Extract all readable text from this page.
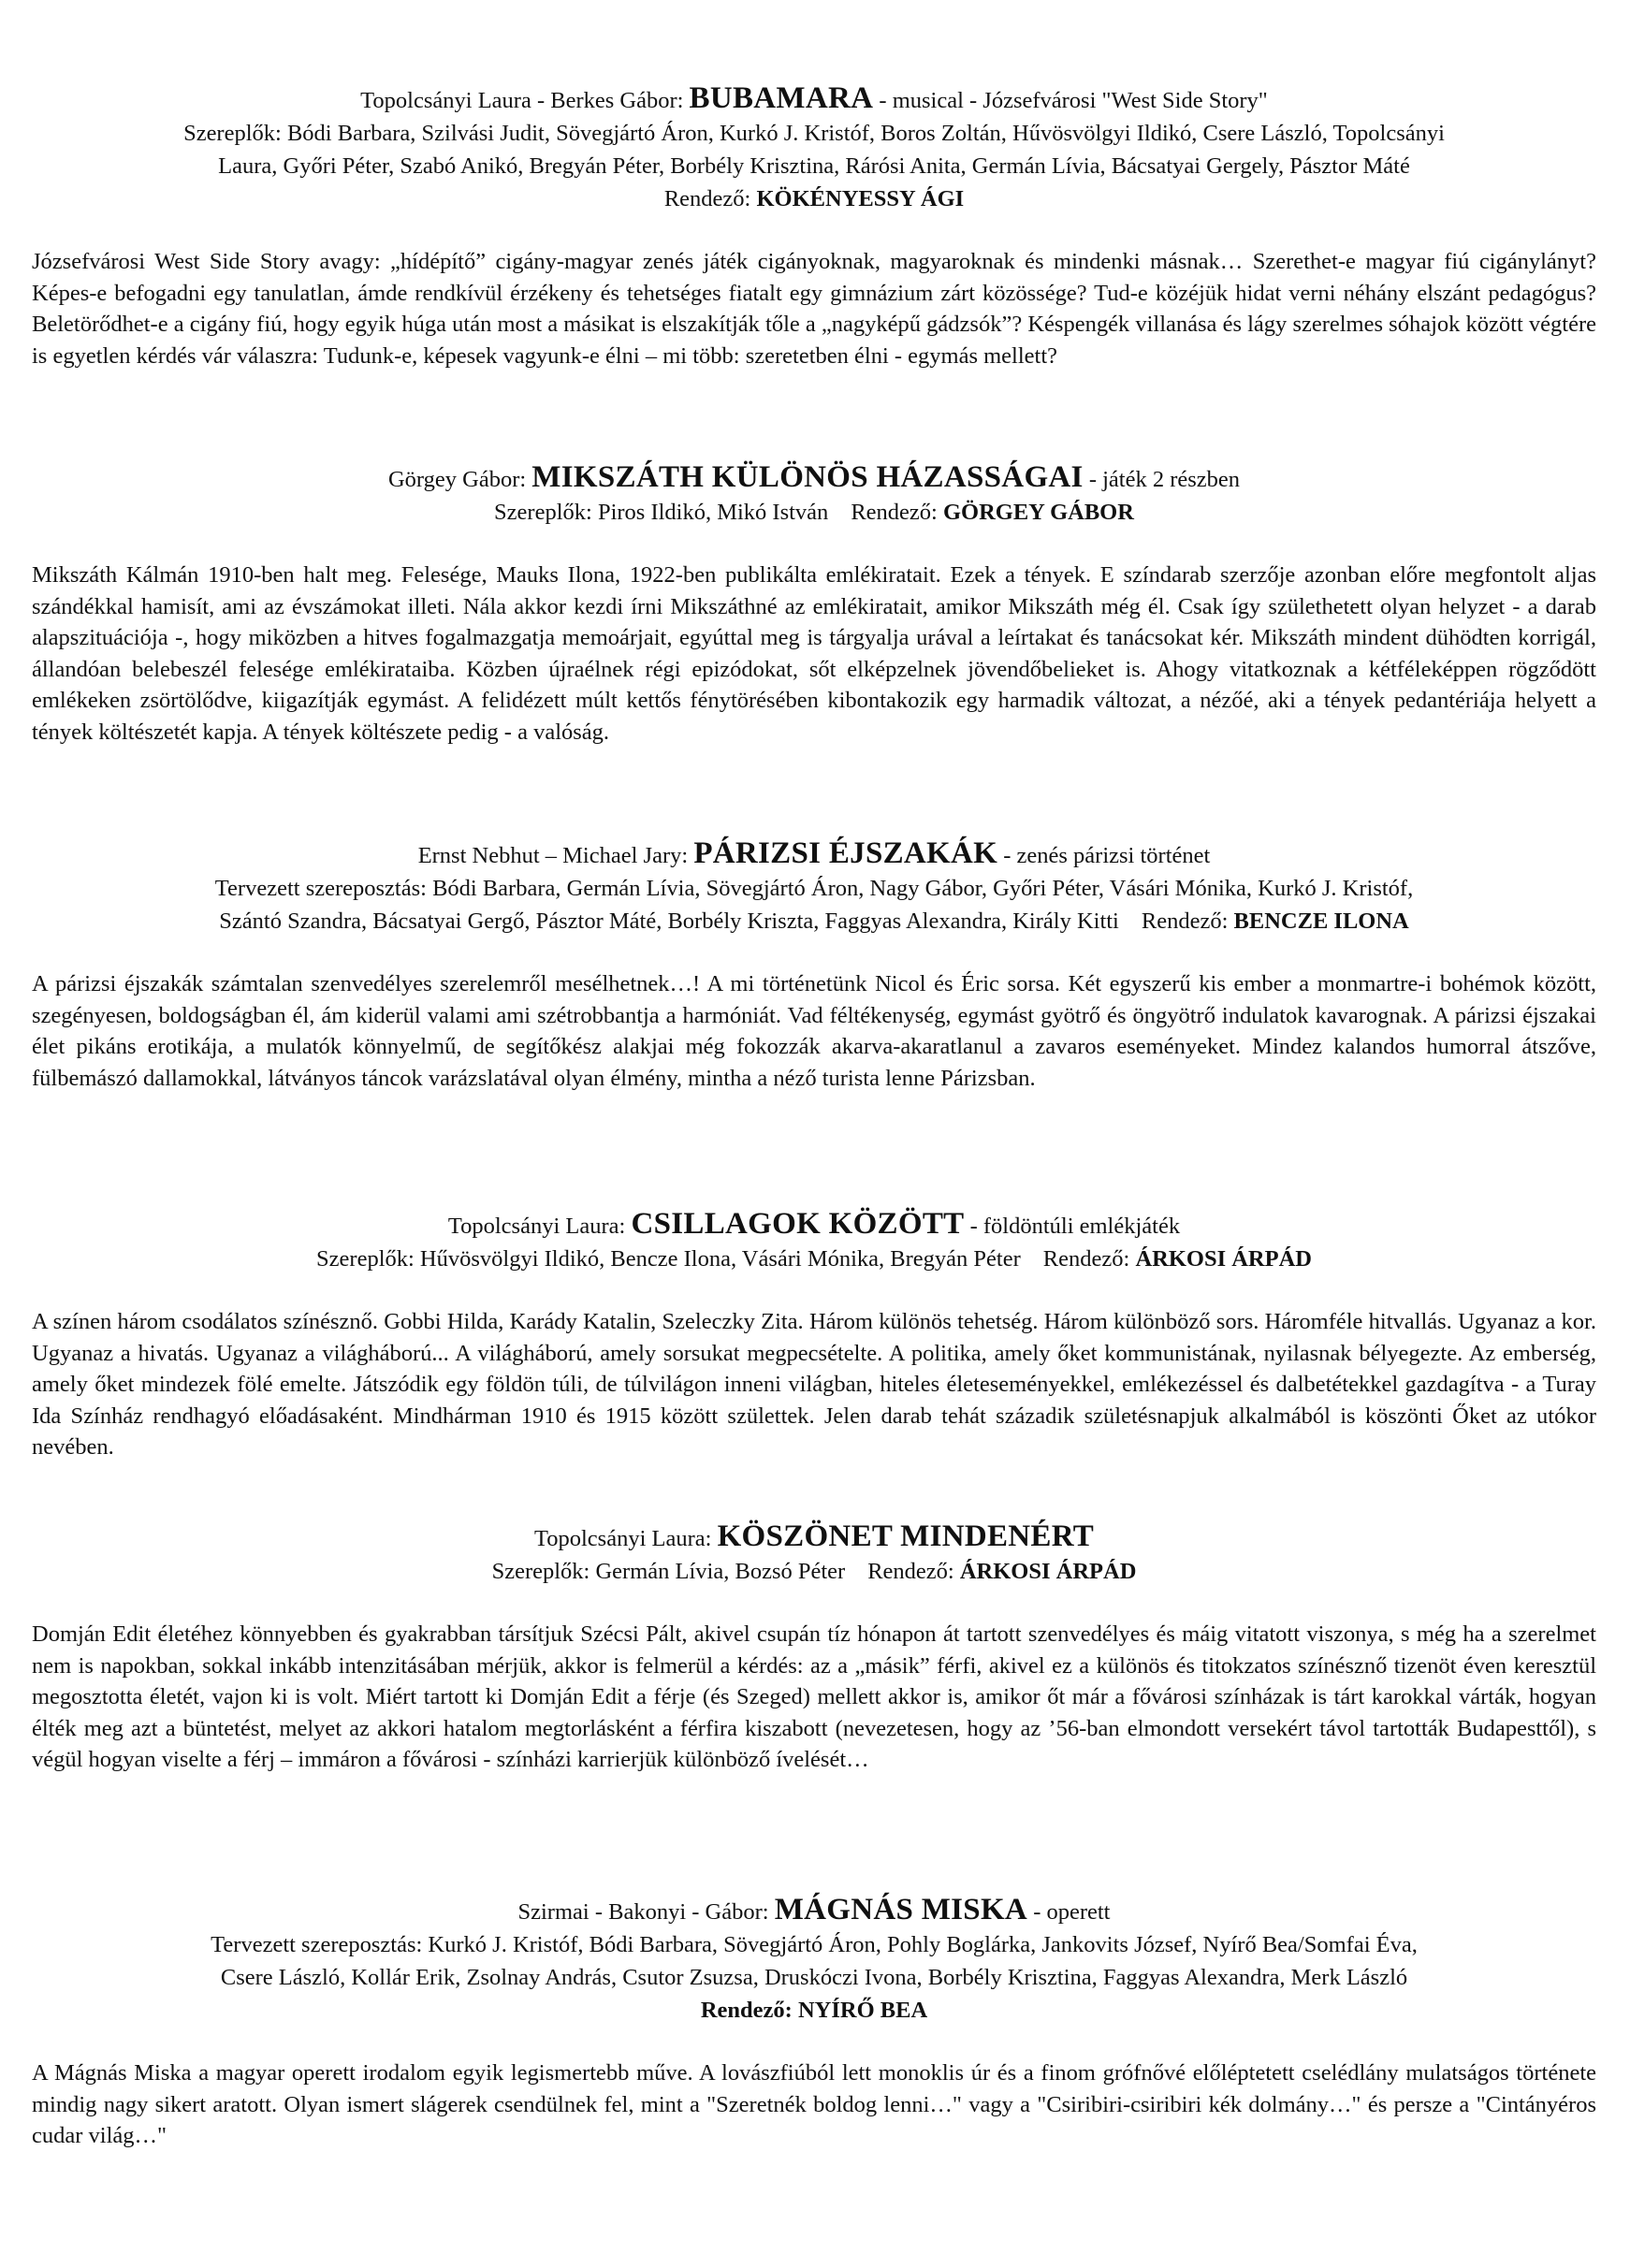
Topolcsányi Laura - Berkes Gábor: BUBAMARA - musical - Józsefvárosi "West Side Story"
Szereplők: Bódi Barbara, Szilvási Judit, Sövegjártó Áron, Kurkó J. Kristóf, Boros Zoltán, Hűvösvölgyi Ildikó, Csere László, Topolcsányi
Laura, Győri Péter, Szabó Anikó, Bregyán Péter, Borbély Krisztina, Rárósi Anita, Germán Lívia, Bácsatyai Gergely, Pásztor Máté
Rendező: KÖKÉNYESSY ÁGI

Józsefvárosi West Side Story avagy: „hídépítő” cigány-magyar zenés játék cigányoknak, magyaroknak és mindenki másnak… Szerethet-e magyar fiú cigánylányt? Képes-e befogadni egy tanulatlan, ámde rendkívül érzékeny és tehetséges fiatalt egy gimnázium zárt közössége? Tud-e közéjük hidat verni néhány elszánt pedagógus? Beletörődhet-e a cigány fiú, hogy egyik húga után most a másikat is elszakítják tőle a „nagyképű gádzsók”? Késpengék villanása és lágy szerelmes sóhajok között végtére is egyetlen kérdés vár válaszra: Tudunk-e, képesek vagyunk-e élni – mi több: szeretetben élni - egymás mellett?

Görgey Gábor: MIKSZÁTH KÜLÖNÖS HÁZASSÁGAI - játék 2 részben
Szereplők: Piros Ildikó, Mikó István Rendező: GÖRGEY GÁBOR

Mikszáth Kálmán 1910-ben halt meg. Felesége, Mauks Ilona, 1922-ben publikálta emlékiratait. Ezek a tények. E színdarab szerzője azonban előre megfontolt aljas szándékkal hamisít, ami az évszámokat illeti. Nála akkor kezdi írni Mikszáthné az emlékiratait, amikor Mikszáth még él. Csak így születhetett olyan helyzet - a darab alapszituációja -, hogy miközben a hitves fogalmazgatja memoárjait, egyúttal meg is tárgyalja urával a leírtakat és tanácsokat kér. Mikszáth mindent dühödten korrigál, állandóan belebeszél felesége emlékirataiba. Közben újraélnek régi epizódokat, sőt elképzelnek jövendőbelieket is. Ahogy vitatkoznak a kétféleképpen rögződött emlékeken zsörtölődve, kiigazítják egymást. A felidézett múlt kettős fénytörésében kibontakozik egy harmadik változat, a nézőé, aki a tények pedantériája helyett a tények költészetét kapja. A tények költészete pedig - a valóság.

Ernst Nebhut – Michael Jary: PÁRIZSI ÉJSZAKÁK - zenés párizsi történet
Tervezett szereposztás: Bódi Barbara, Germán Lívia, Sövegjártó Áron, Nagy Gábor, Győri Péter, Vásári Mónika, Kurkó J. Kristóf,
Szántó Szandra, Bácsatyai Gergő, Pásztor Máté, Borbély Kriszta, Faggyas Alexandra, Király Kitti Rendező: BENCZE ILONA

A párizsi éjszakák számtalan szenvedélyes szerelemről mesélhetnek…! A mi történetünk Nicol és Éric sorsa. Két egyszerű kis ember a monmartre-i bohémok között, szegényesen, boldogságban él, ám kiderül valami ami szétrobbantja a harmóniát. Vad féltékenység, egymást gyötrő és öngyötrő indulatok kavarognak. A párizsi éjszakai élet pikáns erotikája, a mulatók könnyelmű, de segítőkész alakjai még fokozzák akarva-akaratlanul a zavaros eseményeket. Mindez kalandos humorral átszőve, fülbemászó dallamokkal, látványos táncok varázslatával olyan élmény, mintha a néző turista lenne Párizsban.

Topolcsányi Laura: CSILLAGOK KÖZÖTT - földöntúli emlékjáték
Szereplők: Hűvösvölgyi Ildikó, Bencze Ilona, Vásári Mónika, Bregyán Péter Rendező: ÁRKOSI ÁRPÁD

A színen három csodálatos színésznő. Gobbi Hilda, Karády Katalin, Szeleczky Zita. Három különös tehetség. Három különböző sors. Háromféle hitvallás. Ugyanaz a kor. Ugyanaz a hivatás. Ugyanaz a világháború... A világháború, amely sorsukat megpecsételte. A politika, amely őket kommunistának, nyilasnak bélyegezte. Az emberség, amely őket mindezek fölé emelte. Játszódik egy földön túli, de túlvilágon inneni világban, hiteles életeseményekkel, emlékezéssel és dalbetétekkel gazdagítva - a Turay Ida Színház rendhagyó előadásaként. Mindhárman 1910 és 1915 között születtek. Jelen darab tehát századik születésnapjuk alkalmából is köszönti Őket az utókor nevében.

Topolcsányi Laura: KÖSZÖNET MINDENÉRT
Szereplők: Germán Lívia, Bozsó Péter Rendező: ÁRKOSI ÁRPÁD

Domján Edit életéhez könnyebben és gyakrabban társítjuk Szécsi Pált, akivel csupán tíz hónapon át tartott szenvedélyes és máig vitatott viszonya, s még ha a szerelmet nem is napokban, sokkal inkább intenzitásában mérjük, akkor is felmerül a kérdés: az a „másik” férfi, akivel ez a különös és titokzatos színésznő tizenöt éven keresztül megosztotta életét, vajon ki is volt. Miért tartott ki Domján Edit a férje (és Szeged) mellett akkor is, amikor őt már a fővárosi színházak is tárt karokkal várták, hogyan élték meg azt a büntetést, melyet az akkori hatalom megtorlásként a férfira kiszabott (nevezetesen, hogy az ’56-ban elmondott versekért távol tartották Budapesttől), s végül hogyan viselte a férj – immáron a fővárosi - színházi karrierjük különböző ívelését…

Szirmai - Bakonyi - Gábor: MÁGNÁS MISKA - operett
Tervezett szereposztás: Kurkó J. Kristóf, Bódi Barbara, Sövegjártó Áron, Pohly Boglárka, Jankovits József, Nyírő Bea/Somfai Éva,
Csere László, Kollár Erik, Zsolnay András, Csutor Zsuzsa, Druskóczi Ivona, Borbély Krisztina, Faggyas Alexandra, Merk László
Rendező: NYÍRŐ BEA

A Mágnás Miska a magyar operett irodalom egyik legismertebb műve. A lovászfiúból lett monoklis úr és a finom grófnővé előléptetett cselédlány mulatságos története mindig nagy sikert aratott. Olyan ismert slágerek csendülnek fel, mint a "Szeretnék boldog lenni…" vagy a "Csiribiri-csiribiri kék dolmány…" és persze a "Cintányéros cudar világ…"
